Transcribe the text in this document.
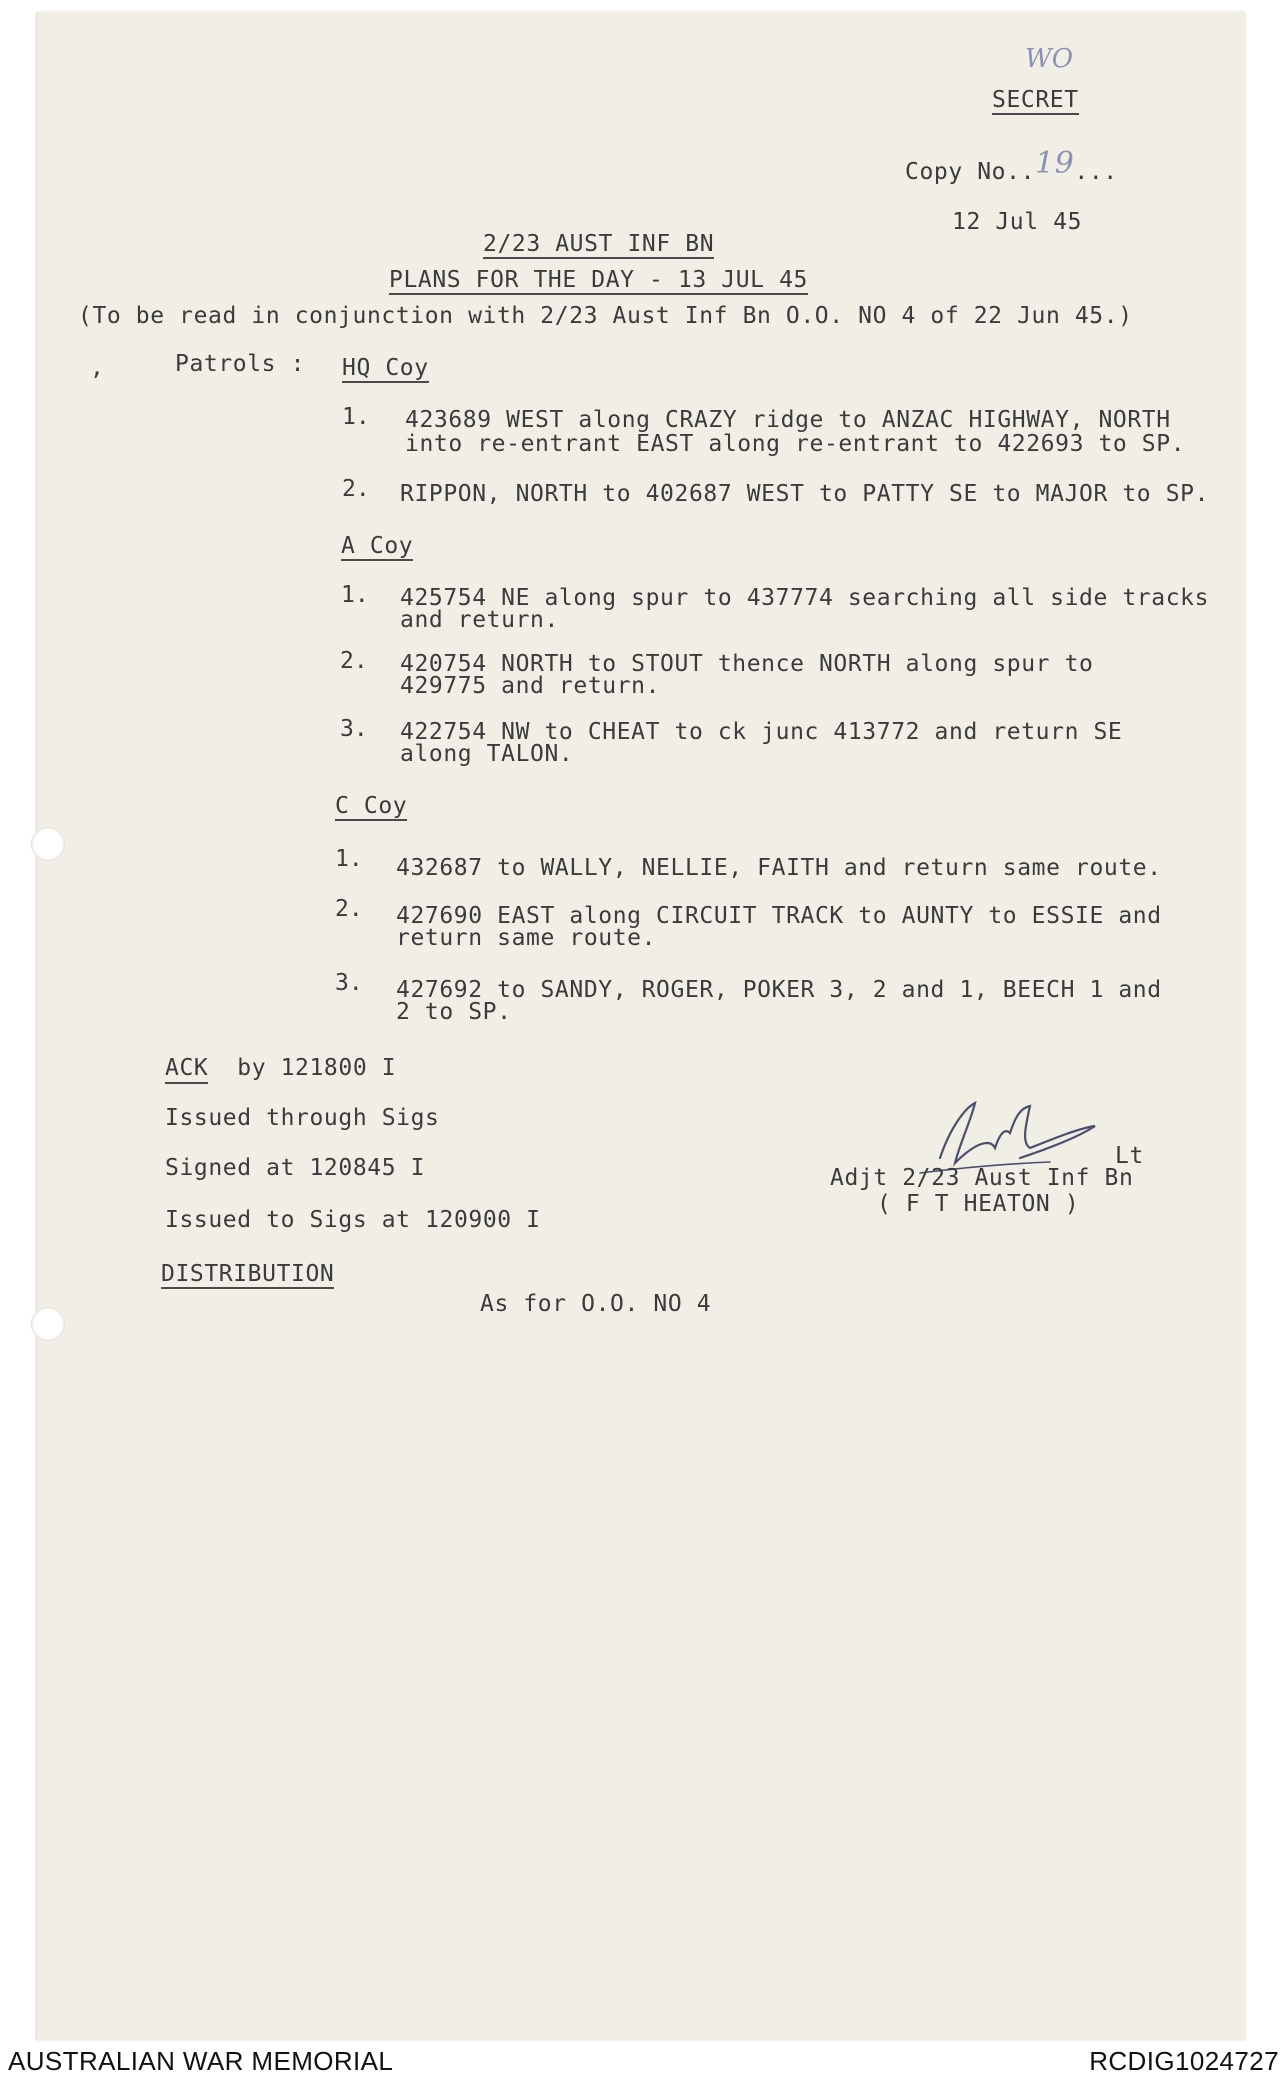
WO
SECRET
Copy No..19...
12 Jul 45
2/23 AUST INF BN
PLANS FOR THE DAY - 13 JUL 45
(To be read in conjunction with 2/23 Aust Inf Bn O.O. NO 4 of 22 Jun 45.)
,	Patrols : HQ Coy
1. 423689 WEST along CRAZY ridge to ANZAC HIGHWAY, NORTH
into re-entrant EAST along re-entrant to 422693 to SP.
2. RIPPON, NORTH to 402687 WEST to PATTY SE to MAJOR to SP.
A Coy
1. 425754 NE along spur to 437774 searching all side tracks
and return.
2. 420754 NORTH to STOUT thence NORTH along spur to
429775 and return.
3. 422754 NW to CHEAT to ck junc 413772 and return SE
along TALON.
C Coy
1. 432687 to WALLY, NELLIE, FAITH and return same route.
2. 427690 EAST along CIRCUIT TRACK to AUNTY to ESSIE and
return same route.
3. 427692 to SANDY, ROGER, POKER 3, 2 and 1, BEECH 1 and
2 to SP.
ACK by 121800 I
Issued through Sigs
Signed at 120845 I
Issued to Sigs at 120900 I
DISTRIBUTION
As for O.O. NO 4
Lt
Adjt 2/23 Aust Inf Bn
( F T HEATON )
AUSTRALIAN WAR MEMORIAL	RCDIG1024727
